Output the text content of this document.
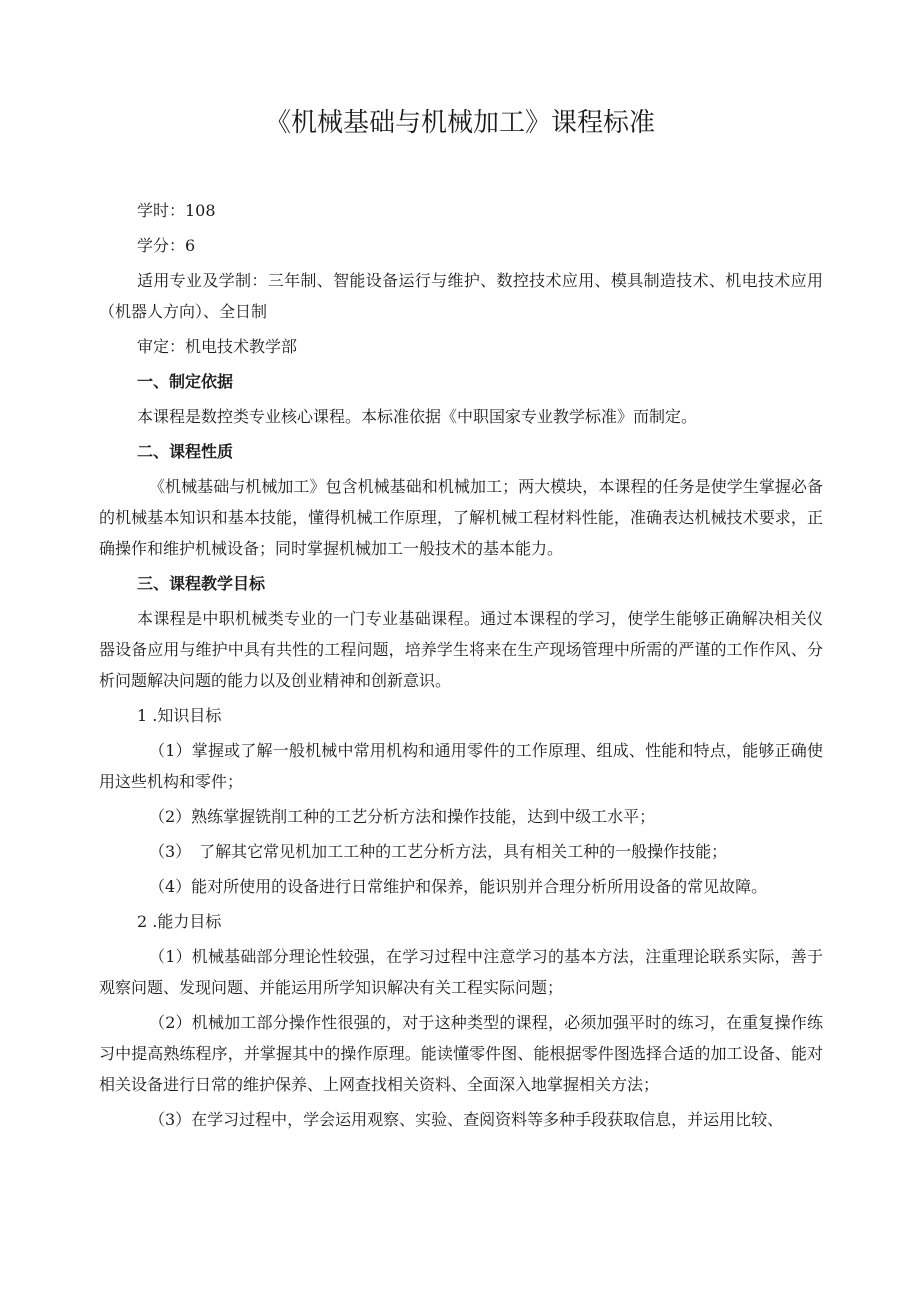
《机械基础与机械加工》课程标准
学时：108
学分：6
适用专业及学制：三年制、智能设备运行与维护、数控技术应用、模具制造技术、机电技术应用（机器人方向）、全日制
审定：机电技术教学部
一、制定依据
本课程是数控类专业核心课程。本标准依据《中职国家专业教学标准》而制定。
二、课程性质
《机械基础与机械加工》包含机械基础和机械加工；两大模块，本课程的任务是使学生掌握必备的机械基本知识和基本技能，懂得机械工作原理，了解机械工程材料性能，准确表达机械技术要求，正确操作和维护机械设备；同时掌握机械加工一般技术的基本能力。
三、课程教学目标
本课程是中职机械类专业的一门专业基础课程。通过本课程的学习，使学生能够正确解决相关仪器设备应用与维护中具有共性的工程问题，培养学生将来在生产现场管理中所需的严谨的工作作风、分析问题解决问题的能力以及创业精神和创新意识。
1 .知识目标
（1）掌握或了解一般机械中常用机构和通用零件的工作原理、组成、性能和特点，能够正确使用这些机构和零件；
（2）熟练掌握铣削工种的工艺分析方法和操作技能，达到中级工水平；
（3）　了解其它常见机加工工种的工艺分析方法，具有相关工种的一般操作技能；
（4）能对所使用的设备进行日常维护和保养，能识别并合理分析所用设备的常见故障。
2 .能力目标
（1）机械基础部分理论性较强，在学习过程中注意学习的基本方法，注重理论联系实际，善于观察问题、发现问题、并能运用所学知识解决有关工程实际问题；
（2）机械加工部分操作性很强的，对于这种类型的课程，必须加强平时的练习，在重复操作练习中提高熟练程序，并掌握其中的操作原理。能读懂零件图、能根据零件图选择合适的加工设备、能对相关设备进行日常的维护保养、上网查找相关资料、全面深入地掌握相关方法；
（3）在学习过程中，学会运用观察、实验、查阅资料等多种手段获取信息，并运用比较、
